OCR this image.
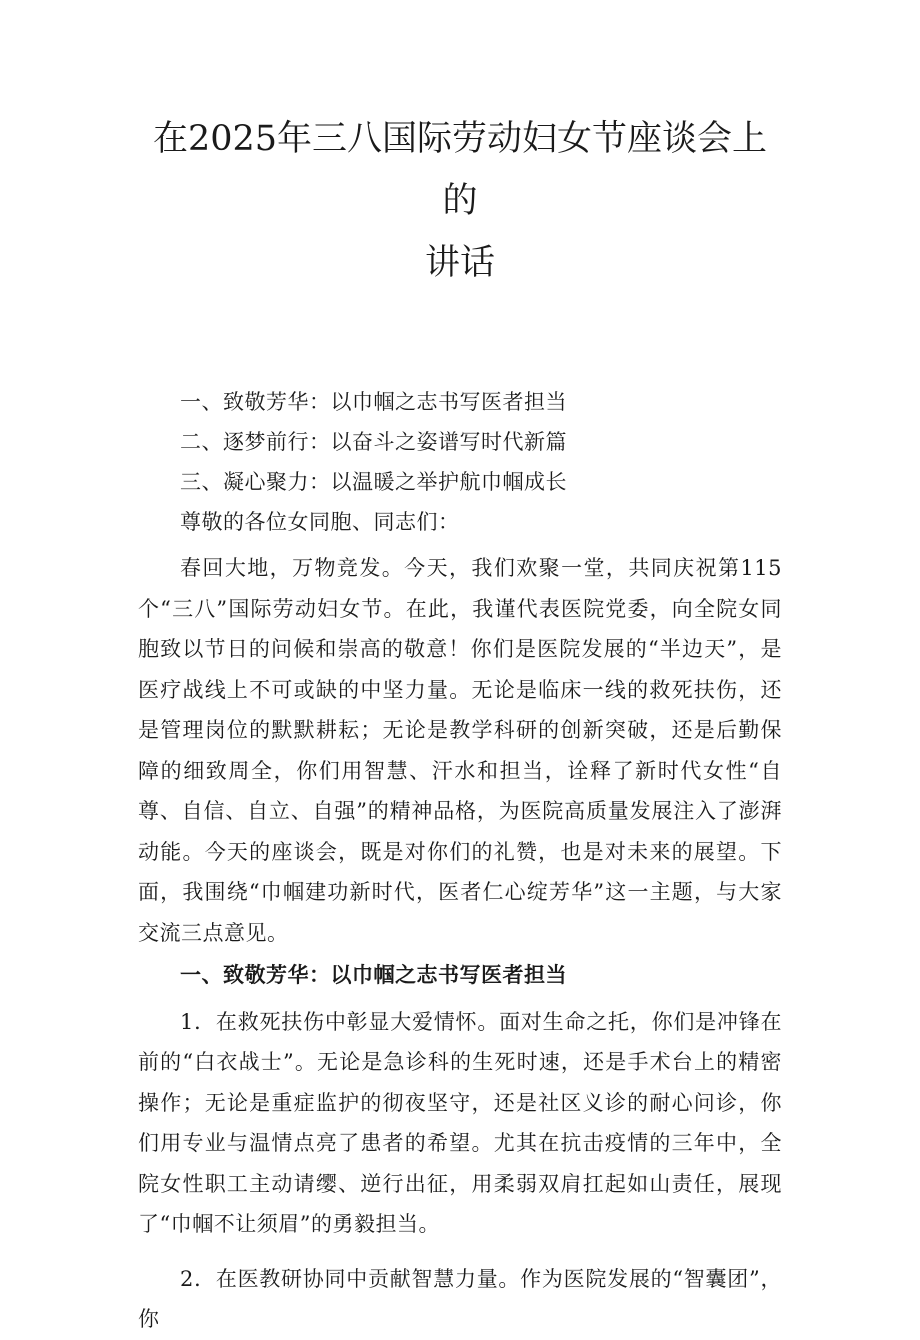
在2025年三八国际劳动妇女节座谈会上的
讲话

一、致敬芳华：以巾帼之志书写医者担当

二、逐梦前行：以奋斗之姿谱写时代新篇

三、凝心聚力：以温暖之举护航巾帼成长

尊敬的各位女同胞、同志们：

春回大地，万物竞发。今天，我们欢聚一堂，共同庆祝第115个“三八”国际劳动妇女节。在此，我谨代表医院党委，向全院女同胞致以节日的问候和崇高的敬意！你们是医院发展的“半边天”，是医疗战线上不可或缺的中坚力量。无论是临床一线的救死扶伤，还是管理岗位的默默耕耘；无论是教学科研的创新突破，还是后勤保障的细致周全，你们用智慧、汗水和担当，诠释了新时代女性“自尊、自信、自立、自强”的精神品格，为医院高质量发展注入了澎湃动能。今天的座谈会，既是对你们的礼赞，也是对未来的展望。下面，我围绕“巾帼建功新时代，医者仁心绽芳华”这一主题，与大家交流三点意见。

一、致敬芳华：以巾帼之志书写医者担当

1．在救死扶伤中彰显大爱情怀。面对生命之托，你们是冲锋在前的“白衣战士”。无论是急诊科的生死时速，还是手术台上的精密操作；无论是重症监护的彻夜坚守，还是社区义诊的耐心问诊，你们用专业与温情点亮了患者的希望。尤其在抗击疫情的三年中，全院女性职工主动请缨、逆行出征，用柔弱双肩扛起如山责任，展现了“巾帼不让须眉”的勇毅担当。

2．在医教研协同中贡献智慧力量。作为医院发展的“智囊团”，你
